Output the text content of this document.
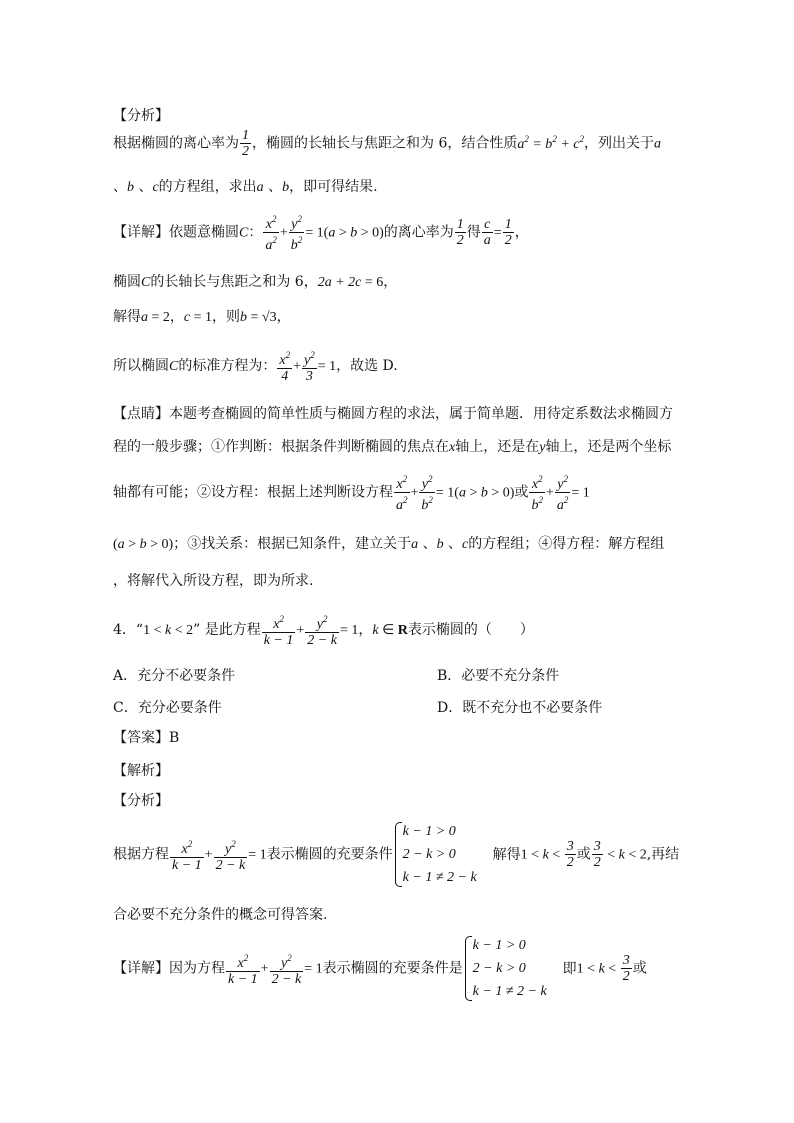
【分析】
根据椭圆的离心率为 $\frac{1}{2}$ ，椭圆的长轴长与焦距之和为 6，结合性质$a^2 = b^2 + c^2$，列出关于a
、b 、c的方程组，求出a 、b，即可得结果.
【详解】依题意椭圆C： $\frac{x^2}{a^2} + \frac{y^2}{b^2} = 1(a > b > 0)$的离心率为 $\frac{1}{2}$ 得 $\frac{c}{a} = \frac{1}{2}$ ，
椭圆C的长轴长与焦距之和为 6，2a + 2c = 6，
解得a = 2，c = 1，则b = √3，
所以椭圆C的标准方程为： $\frac{x^2}{4} + \frac{y^2}{3} = 1$，故选 D.
【点睛】本题考查椭圆的简单性质与椭圆方程的求法，属于简单题．用待定系数法求椭圆方
程的一般步骤；①作判断：根据条件判断椭圆的焦点在x轴上，还是在y轴上，还是两个坐标
轴都有可能；②设方程：根据上述判断设方程 $\frac{x^2}{a^2} + \frac{y^2}{b^2} = 1(a > b > 0)$或 $\frac{x^2}{b^2} + \frac{y^2}{a^2} = 1$
(a > b > 0)；③找关系：根据已知条件，建立关于a 、b 、c的方程组；④得方程：解方程组
，将解代入所设方程，即为所求.
4．“1 < k < 2” 是此方程 $\frac{x^2}{k - 1} + \frac{y^2}{2 - k} = 1$，k ∈ R表示椭圆的（　　）
A．充分不必要条件	B．必要不充分条件
C．充分必要条件	D．既不充分也不必要条件
【答案】B
【解析】
【分析】
根据方程 $\frac{x^2}{k - 1} + \frac{y^2}{2 - k} = 1$表示椭圆的充要条件
k − 1 > 0
2 − k > 0
k − 1 ≠ 2 − k
解得$1 < k < \frac{3}{2}$ 或 $\frac{3}{2} < k < 2$,再结
合必要不充分条件的概念可得答案.
【详解】因为方程 $\frac{x^2}{k - 1} + \frac{y^2}{2 - k} = 1$表示椭圆的充要条件是
k − 1 > 0
2 − k > 0
k − 1 ≠ 2 − k
即$1 < k < \frac{3}{2}$ 或
